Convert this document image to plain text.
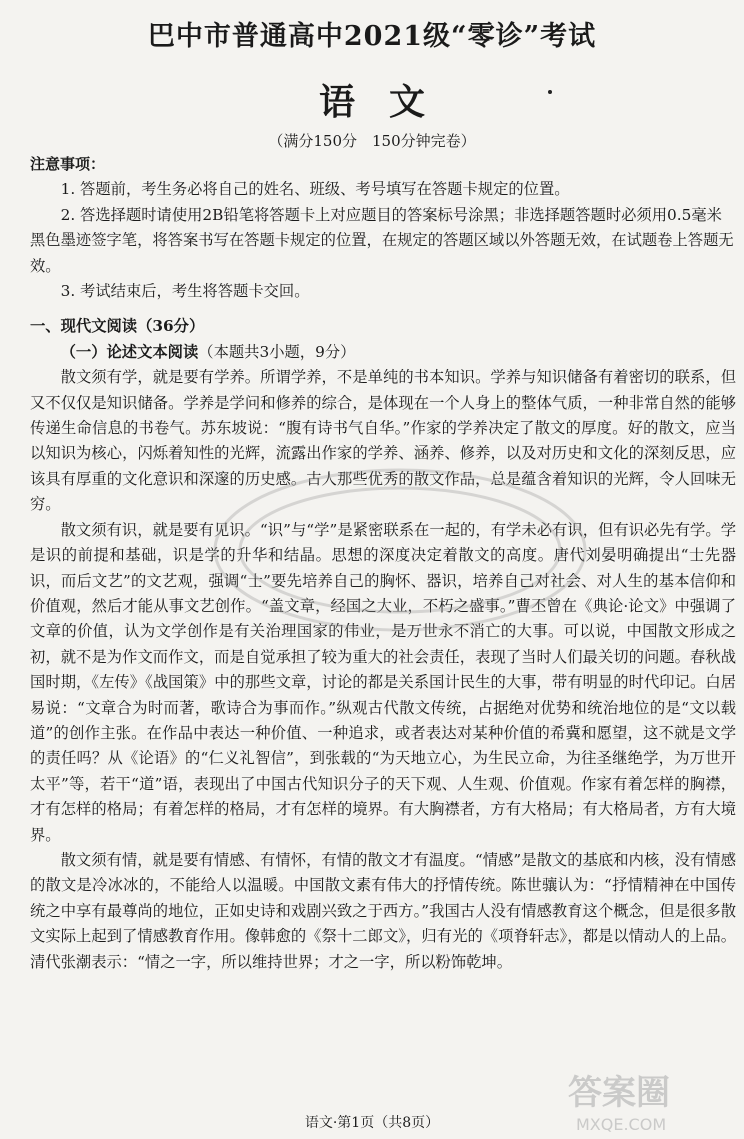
巴中市普通高中2021级“零诊”考试
语文
（满分150分　150分钟完卷）

注意事项：

1. 答题前，考生务必将自己的姓名、班级、考号填写在答题卡规定的位置。

2. 答选择题时请使用2B铅笔将答题卡上对应题目的答案标号涂黑；非选择题答题时必须用0.5毫米黑色墨迹签字笔，将答案书写在答题卡规定的位置，在规定的答题区域以外答题无效，在试题卷上答题无效。

3. 考试结束后，考生将答题卡交回。

一、现代文阅读（36分）

（一）论述文本阅读（本题共3小题，9分）

散文须有学，就是要有学养。所谓学养，不是单纯的书本知识。学养与知识储备有着密切的联系，但又不仅仅是知识储备。学养是学问和修养的综合，是体现在一个人身上的整体气质，一种非常自然的能够传递生命信息的书卷气。苏东坡说：“腹有诗书气自华。”作家的学养决定了散文的厚度。好的散文，应当以知识为核心，闪烁着知性的光辉，流露出作家的学养、涵养、修养，以及对历史和文化的深刻反思，应该具有厚重的文化意识和深邃的历史感。古人那些优秀的散文作品，总是蕴含着知识的光辉，令人回味无穷。

散文须有识，就是要有见识。“识”与“学”是紧密联系在一起的，有学未必有识，但有识必先有学。学是识的前提和基础，识是学的升华和结晶。思想的深度决定着散文的高度。唐代刘晏明确提出“士先器识，而后文艺”的文艺观，强调“士”要先培养自己的胸怀、器识，培养自己对社会、对人生的基本信仰和价值观，然后才能从事文艺创作。“盖文章，经国之大业，不朽之盛事。”曹丕曾在《典论·论文》中强调了文章的价值，认为文学创作是有关治理国家的伟业，是万世永不消亡的大事。可以说，中国散文形成之初，就不是为作文而作文，而是自觉承担了较为重大的社会责任，表现了当时人们最关切的问题。春秋战国时期，《左传》《战国策》中的那些文章，讨论的都是关系国计民生的大事，带有明显的时代印记。白居易说：“文章合为时而著，歌诗合为事而作。”纵观古代散文传统，占据绝对优势和统治地位的是“文以载道”的创作主张。在作品中表达一种价值、一种追求，或者表达对某种价值的希冀和愿望，这不就是文学的责任吗？从《论语》的“仁义礼智信”，到张载的“为天地立心，为生民立命，为往圣继绝学，为万世开太平”等，若干“道”语，表现出了中国古代知识分子的天下观、人生观、价值观。作家有着怎样的胸襟，才有怎样的格局；有着怎样的格局，才有怎样的境界。有大胸襟者，方有大格局；有大格局者，方有大境界。

散文须有情，就是要有情感、有情怀，有情的散文才有温度。“情感”是散文的基底和内核，没有情感的散文是冷冰冰的，不能给人以温暖。中国散文素有伟大的抒情传统。陈世骧认为：“抒情精神在中国传统之中享有最尊尚的地位，正如史诗和戏剧兴致之于西方。”我国古人没有情感教育这个概念，但是很多散文实际上起到了情感教育作用。像韩愈的《祭十二郎文》，归有光的《项脊轩志》，都是以情动人的上品。清代张潮表示：“情之一字，所以维持世界；才之一字，所以粉饰乾坤。

语文·第1页（共8页）
答案圈
MXQE.COM
